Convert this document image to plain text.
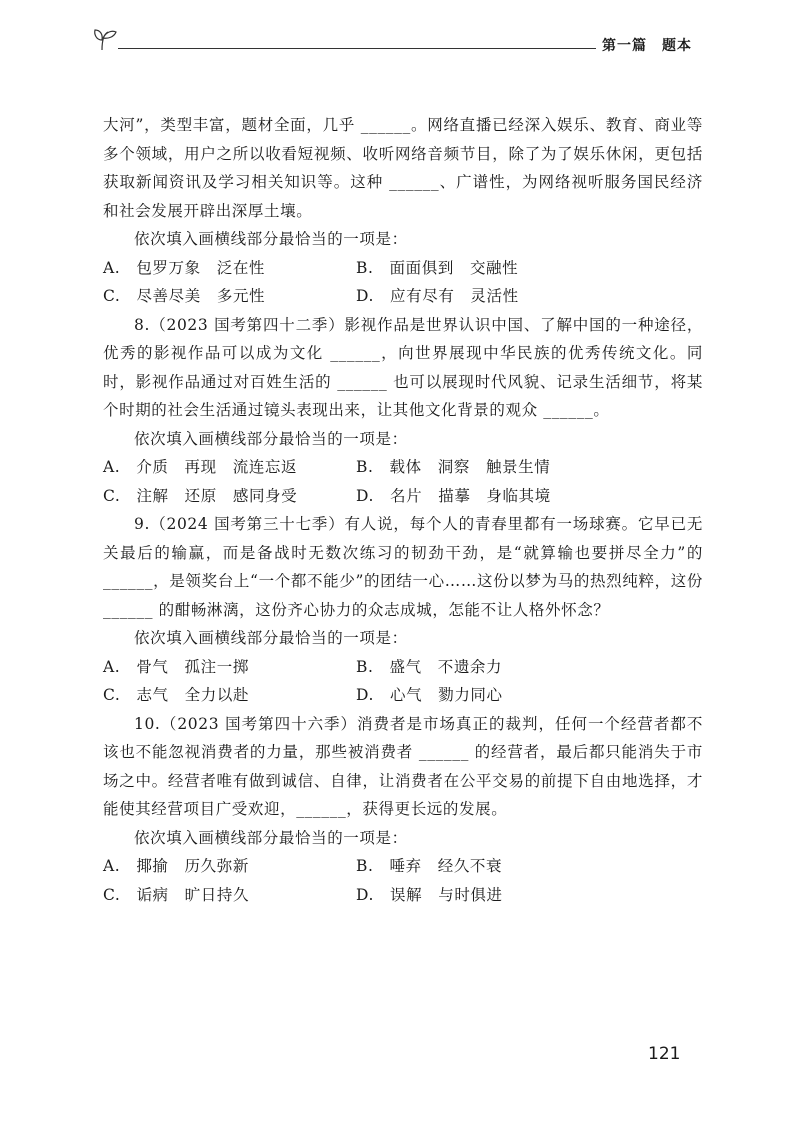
第一篇　题本
大河”，类型丰富，题材全面，几乎 ______。网络直播已经深入娱乐、教育、商业等多个领域，用户之所以收看短视频、收听网络音频节目，除了为了娱乐休闲，更包括获取新闻资讯及学习相关知识等。这种 ______、广谱性，为网络视听服务国民经济和社会发展开辟出深厚土壤。
依次填入画横线部分最恰当的一项是：
A. 包罗万象 泛在性	B. 面面俱到 交融性
C. 尽善尽美 多元性	D. 应有尽有 灵活性
8.（2023 国考第四十二季）影视作品是世界认识中国、了解中国的一种途径，优秀的影视作品可以成为文化 ______，向世界展现中华民族的优秀传统文化。同时，影视作品通过对百姓生活的 ______ 也可以展现时代风貌、记录生活细节，将某个时期的社会生活通过镜头表现出来，让其他文化背景的观众 ______。
依次填入画横线部分最恰当的一项是：
A. 介质 再现 流连忘返	B. 载体 洞察 触景生情
C. 注解 还原 感同身受	D. 名片 描摹 身临其境
9.（2024 国考第三十七季）有人说，每个人的青春里都有一场球赛。它早已无关最后的输赢，而是备战时无数次练习的韧劲干劲，是“就算输也要拼尽全力”的 ______，是领奖台上“一个都不能少”的团结一心……这份以梦为马的热烈纯粹，这份 ______ 的酣畅淋漓，这份齐心协力的众志成城，怎能不让人格外怀念？
依次填入画横线部分最恰当的一项是：
A. 骨气 孤注一掷	B. 盛气 不遗余力
C. 志气 全力以赴	D. 心气 勠力同心
10.（2023 国考第四十六季）消费者是市场真正的裁判，任何一个经营者都不该也不能忽视消费者的力量，那些被消费者 ______ 的经营者，最后都只能消失于市场之中。经营者唯有做到诚信、自律，让消费者在公平交易的前提下自由地选择，才能使其经营项目广受欢迎，______，获得更长远的发展。
依次填入画横线部分最恰当的一项是：
A. 揶揄 历久弥新	B. 唾弃 经久不衰
C. 诟病 旷日持久	D. 误解 与时俱进
121
